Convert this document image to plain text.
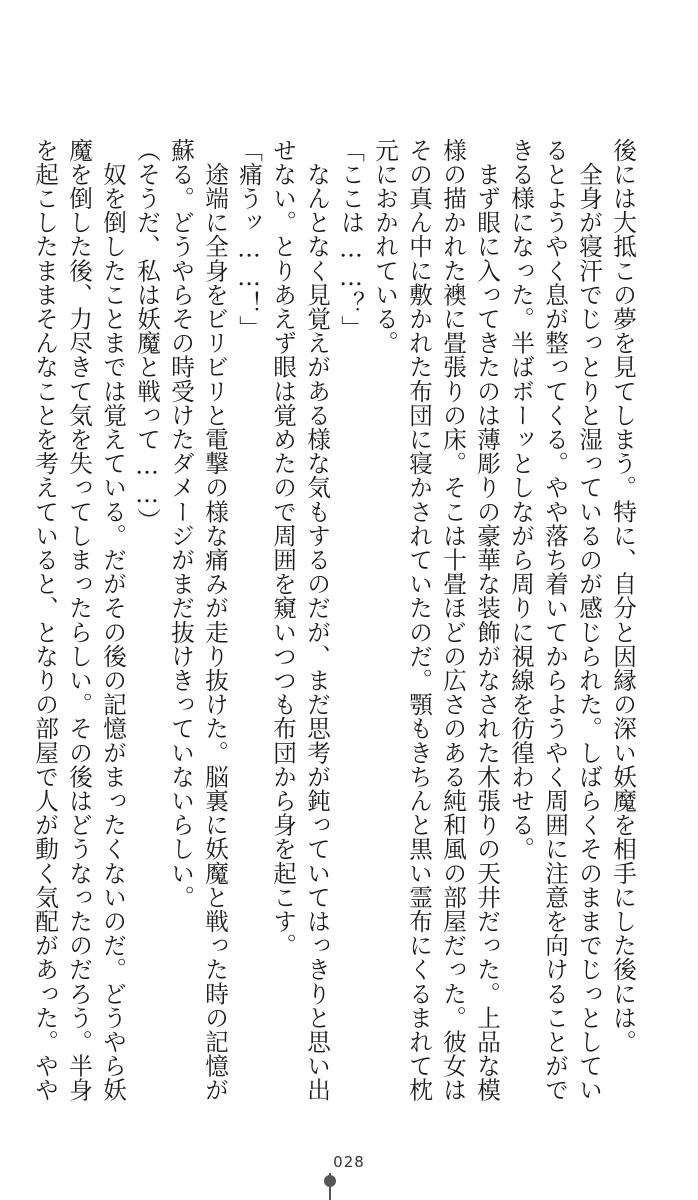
後には大抵この夢を見てしまう。特に、自分と因縁の深い妖魔を相手にした後には。
　全身が寝汗でじっとりと湿っているのが感じられた。しばらくそのままでじっとしてい
るとようやく息が整ってくる。やや落ち着いてからようやく周囲に注意を向けることがで
きる様になった。半ばボーッとしながら周りに視線を彷徨わせる。
　まず眼に入ってきたのは薄彫りの豪華な装飾がなされた木張りの天井だった。上品な模
様の描かれた襖に畳張りの床。そこは十畳ほどの広さのある純和風の部屋だった。彼女は
その真ん中に敷かれた布団に寝かされていたのだ。顎もきちんと黒い霊布にくるまれて枕
元におかれている。
「ここは……？」
　なんとなく見覚えがある様な気もするのだが、まだ思考が鈍っていてはっきりと思い出
せない。とりあえず眼は覚めたので周囲を窺いつつも布団から身を起こす。
「痛うッ……！」
　途端に全身をビリビリと電撃の様な痛みが走り抜けた。脳裏に妖魔と戦った時の記憶が
蘇る。どうやらその時受けたダメージがまだ抜けきっていないらしい。
（そうだ、私は妖魔と戦って……）
　奴を倒したことまでは覚えている。だがその後の記憶がまったくないのだ。どうやら妖
魔を倒した後、力尽きて気を失ってしまったらしい。その後はどうなったのだろう。半身
を起こしたままそんなことを考えていると、となりの部屋で人が動く気配があった。やや
028
